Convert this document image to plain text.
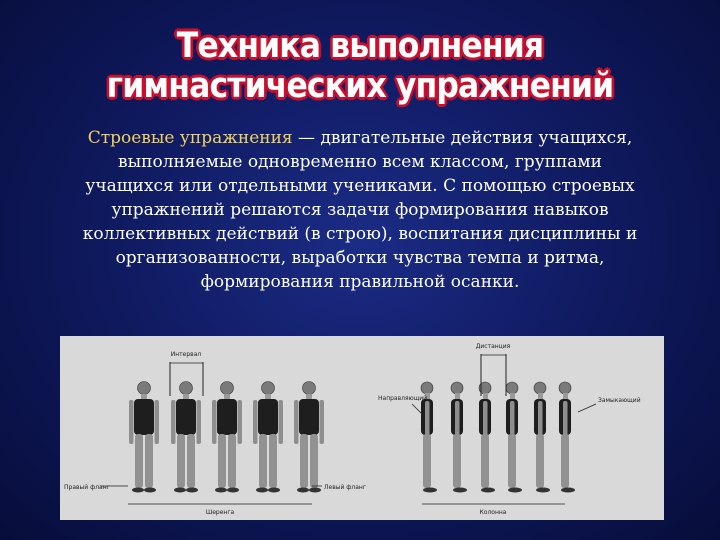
Техника выполнения гимнастических упражнений
Строевые упражнения — двигательные действия учащихся,
выполняемые одновременно всем классом, группами
учащихся или отдельными учениками. С помощью строевых
упражнений решаются задачи формирования навыков
коллективных действий (в строю), воспитания дисциплины и
организованности, выработки чувства темпа и ритма,
формирования правильной осанки.
Интервал
Дистанция
Правый фланг	Левый фланг
Направляющий	Замыкающий
Шеренга	Колонна
